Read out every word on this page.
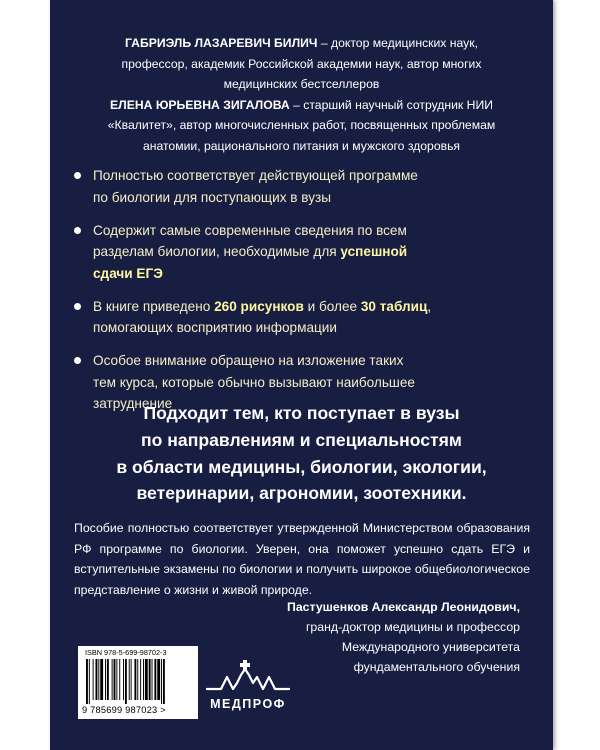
ГАБРИЭЛЬ ЛАЗАРЕВИЧ БИЛИЧ – доктор медицинских наук,

профессор, академик Российской академии наук, автор многих

медицинских бестселлеров

ЕЛЕНА ЮРЬЕВНА ЗИГАЛОВА – старший научный сотрудник НИИ

«Квалитет», автор многочисленных работ, посвященных проблемам

анатомии, рационального питания и мужского здоровья

Полностью соответствует действующей программе
по биологии для поступающих в вузы
Содержит самые современные сведения по всем
разделам биологии, необходимые для успешной
сдачи ЕГЭ
В книге приведено 260 рисунков и более 30 таблиц,
помогающих восприятию информации
Особое внимание обращено на изложение таких
тем курса, которые обычно вызывают наибольшее
затруднение

Подходит тем, кто поступает в вузы

по направлениям и специальностям

в области медицины, биологии, экологии,

ветеринарии, агрономии, зоотехники.

Пособие полностью соответствует утвержденной Министерством образования РФ программе по биологии. Уверен, она поможет успешно сдать ЕГЭ и вступительные экзамены по биологии и получить широкое общебиологическое представление о жизни и живой природе.

Пастушенков Александр Леонидович,

гранд-доктор медицины и профессор

Международного университета

фундаментального обучения

ISBN 978-5-699-98702-3
9 785699 987023 >	МЕДПРОФ
